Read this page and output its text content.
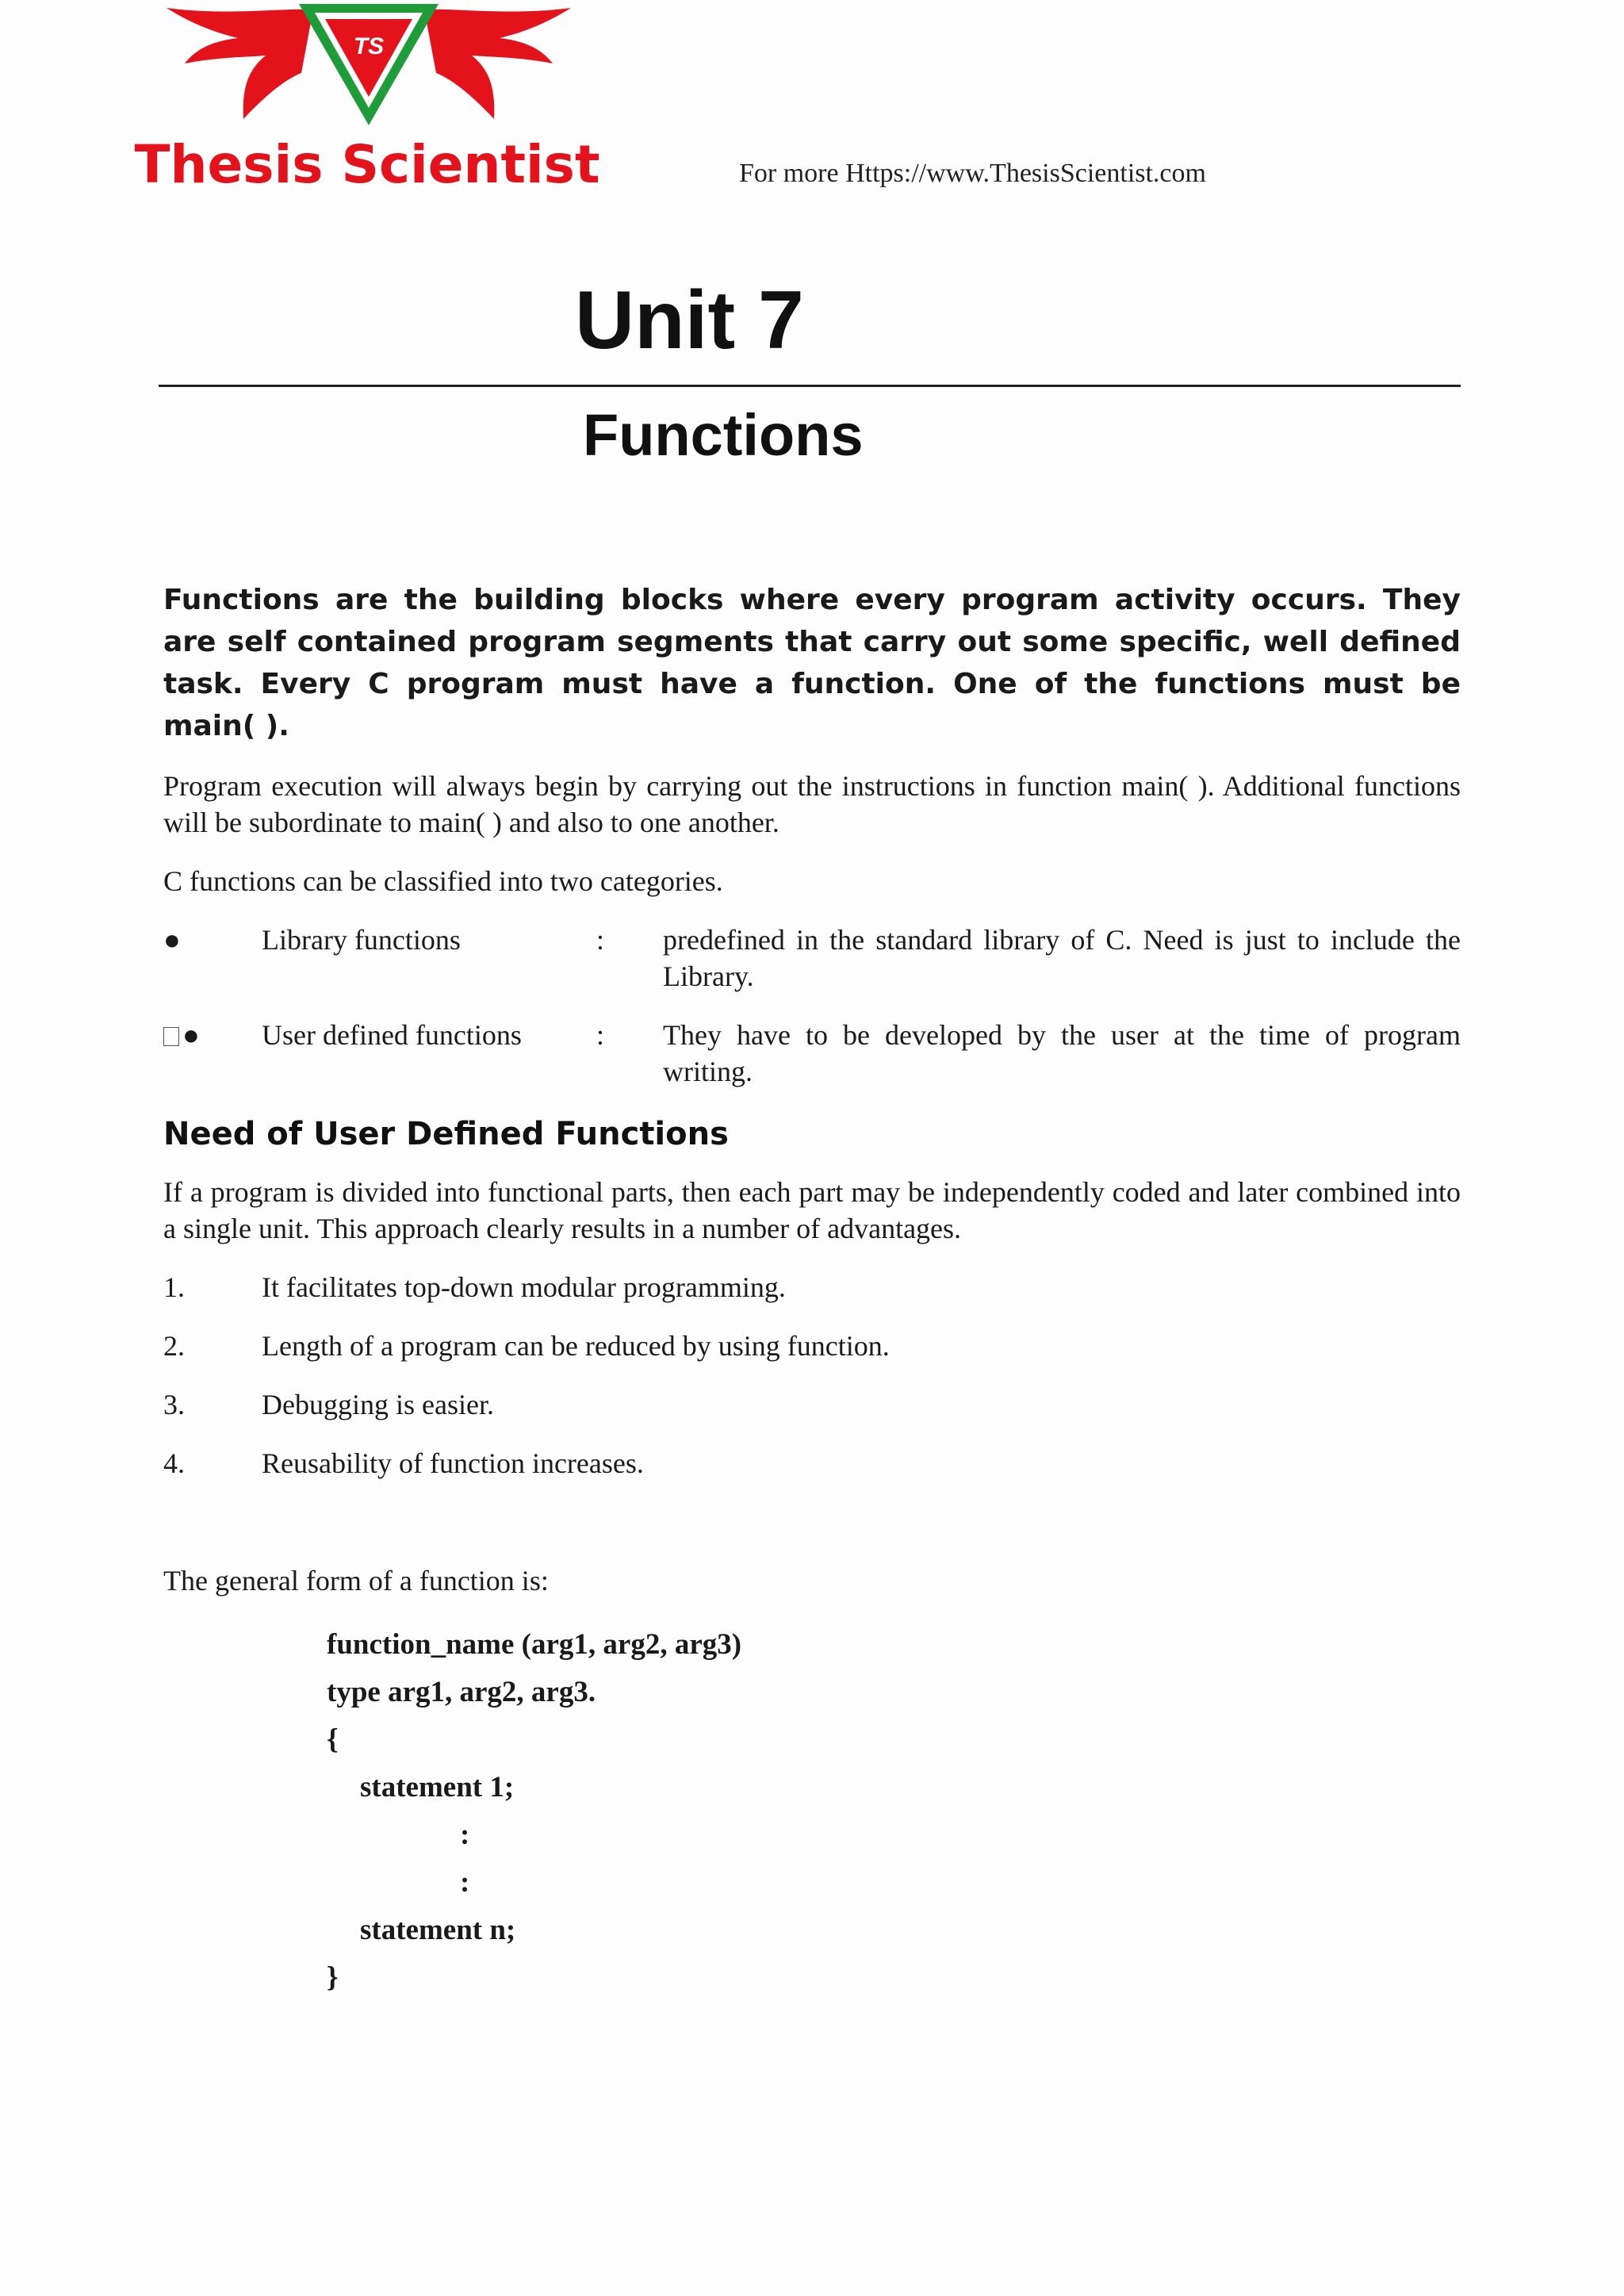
TS
Thesis Scientist	For more Https://www.ThesisScientist.com
Unit 7
Functions

Functions are the building blocks where every program activity occurs. They are self contained program segments that carry out some specific, well defined task. Every C program must have a function. One of the functions must be main( ).

Program execution will always begin by carrying out the instructions in function main( ). Additional functions will be subordinate to main( ) and also to one another.

C functions can be classified into two categories.

●	Library functions	:	predefined in the standard library of C. Need is just to include the Library.
●	User defined functions	:	They have to be developed by the user at the time of program writing.
Need of User Defined Functions

If a program is divided into functional parts, then each part may be independently coded and later combined into a single unit. This approach clearly results in a number of advantages.

1.	It facilitates top-down modular programming.
2.	Length of a program can be reduced by using function.
3.	Debugging is easier.
4.	Reusability of function increases.

The general form of a function is:

function_name (arg1, arg2, arg3)
type arg1, arg2, arg3.
{
statement 1;
:
:
statement n;
}
